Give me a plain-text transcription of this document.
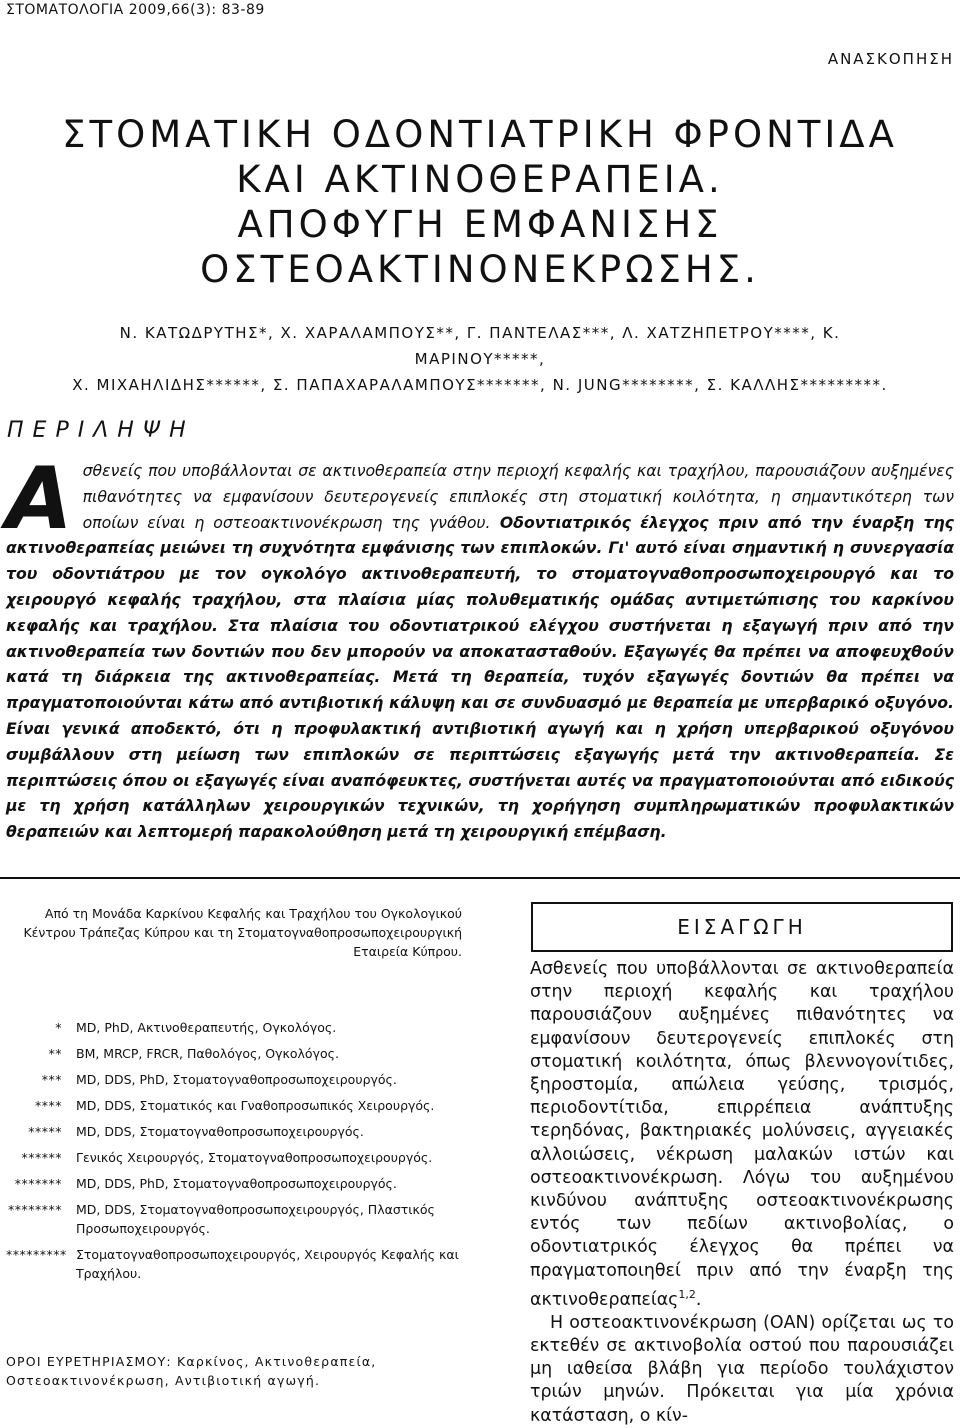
ΣΤΟΜΑΤΟΛΟΓΙΑ 2009,66(3): 83-89
ΑΝΑΣΚΟΠΗΣΗ
ΣΤΟΜΑΤΙΚΗ ΟΔΟΝΤΙΑΤΡΙΚΗ ΦΡΟΝΤΙΔΑ
ΚΑΙ ΑΚΤΙΝΟΘΕΡΑΠΕΙΑ.
ΑΠΟΦΥΓΗ ΕΜΦΑΝΙΣΗΣ
ΟΣΤΕΟΑΚΤΙΝΟΝΕΚΡΩΣΗΣ.
Ν. ΚΑΤΩΔΡΥΤΗΣ*, Χ. ΧΑΡΑΛΑΜΠΟΥΣ**, Γ. ΠΑΝΤΕΛΑΣ***, Λ. ΧΑΤΖΗΠΕΤΡΟΥ****, Κ. ΜΑΡΙΝΟΥ*****,
Χ. ΜΙΧΑΗΛΙΔΗΣ******, Σ. ΠΑΠΑΧΑΡΑΛΑΜΠΟΥΣ*******, Ν. JUNG********, Σ. ΚΑΛΛΗΣ*********.
ΠΕΡΙΛΗΨΗ
Ασθενείς που υποβάλλονται σε ακτινοθεραπεία στην περιοχή κεφαλής και τραχήλου, παρουσιάζουν αυξημένες πιθανότητες να εμφανίσουν δευτερογενείς επιπλοκές στη στοματική κοιλότητα, η σημαντικότερη των οποίων είναι η οστεοακτινονέκρωση της γνάθου. Οδοντιατρικός έλεγχος πριν από την έναρξη της ακτινοθεραπείας μειώνει τη συχνότητα εμφάνισης των επιπλοκών. Γι' αυτό είναι σημαντική η συνεργασία του οδοντιάτρου με τον ογκολόγο ακτινοθεραπευτή, το στοματογναθοπροσωποχειρουργό και το χειρουργό κεφαλής τραχήλου, στα πλαίσια μίας πολυθεματικής ομάδας αντιμετώπισης του καρκίνου κεφαλής και τραχήλου. Στα πλαίσια του οδοντιατρικού ελέγχου συστήνεται η εξαγωγή πριν από την ακτινοθεραπεία των δοντιών που δεν μπορούν να αποκατασταθούν. Εξαγωγές θα πρέπει να αποφευχθούν κατά τη διάρκεια της ακτινοθεραπείας. Μετά τη θεραπεία, τυχόν εξαγωγές δοντιών θα πρέπει να πραγματοποιούνται κάτω από αντιβιοτική κάλυψη και σε συνδυασμό με θεραπεία με υπερβαρικό οξυγόνο. Είναι γενικά αποδεκτό, ότι η προφυλακτική αντιβιοτική αγωγή και η χρήση υπερβαρικού οξυγόνου συμβάλλουν στη μείωση των επιπλοκών σε περιπτώσεις εξαγωγής μετά την ακτινοθεραπεία. Σε περιπτώσεις όπου οι εξαγωγές είναι αναπόφευκτες, συστήνεται αυτές να πραγματοποιούνται από ειδικούς με τη χρήση κατάλληλων χειρουργικών τεχνικών, τη χορήγηση συμπληρωματικών προφυλακτικών θεραπειών και λεπτομερή παρακολούθηση μετά τη χειρουργική επέμβαση.
Από τη Μονάδα Καρκίνου Κεφαλής και Τραχήλου του Ογκολογικού Κέντρου Τράπεζας Κύπρου και τη Στοματογναθοπροσωποχειρουργική Εταιρεία Κύπρου.
*	MD, PhD, Ακτινοθεραπευτής, Ογκολόγος.
**	BM, MRCP, FRCR, Παθολόγος, Ογκολόγος.
***	MD, DDS, PhD, Στοματογναθοπροσωποχειρουργός.
****	MD, DDS, Στοματικός και Γναθοπροσωπικός Χειρουργός.
*****	MD, DDS, Στοματογναθοπροσωποχειρουργός.
******	Γενικός Χειρουργός, Στοματογναθοπροσωποχειρουργός.
*******	MD, DDS, PhD, Στοματογναθοπροσωποχειρουργός.
********	MD, DDS, Στοματογναθοπροσωποχειρουργός, Πλαστικός Προσωποχειρουργός.
********* Στοματογναθοπροσωποχειρουργός, Χειρουργός Κεφαλής και Τραχήλου.
ΟΡΟΙ ΕΥΡΕΤΗΡΙΑΣΜΟΥ: Καρκίνος, Ακτινοθεραπεία, Οστεοακτινονέκρωση, Αντιβιοτική αγωγή.
ΕΙΣΑΓΩΓΗ

Ασθενείς που υποβάλλονται σε ακτινοθεραπεία στην περιοχή κεφαλής και τραχήλου παρουσιάζουν αυξημένες πιθανότητες να εμφανίσουν δευτερογενείς επιπλοκές στη στοματική κοιλότητα, όπως βλεννογονίτιδες, ξηροστομία, απώλεια γεύσης, τρισμός, περιοδοντίτιδα, επιρρέπεια ανάπτυξης τερηδόνας, βακτηριακές μολύνσεις, αγγειακές αλλοιώσεις, νέκρωση μαλακών ιστών και οστεοακτινονέκρωση. Λόγω του αυξημένου κινδύνου ανάπτυξης οστεοακτινονέκρωσης εντός των πεδίων ακτινοβολίας, ο οδοντιατρικός έλεγχος θα πρέπει να πραγματοποιηθεί πριν από την έναρξη της ακτινοθεραπείας$^{1,2}$.

Η οστεοακτινονέκρωση (ΟΑΝ) ορίζεται ως το εκτεθέν σε ακτινοβολία οστού που παρουσιάζει μη ιαθείσα βλάβη για περίοδο τουλάχιστον τριών μηνών. Πρόκειται για μία χρόνια κατάσταση, ο κίν-
